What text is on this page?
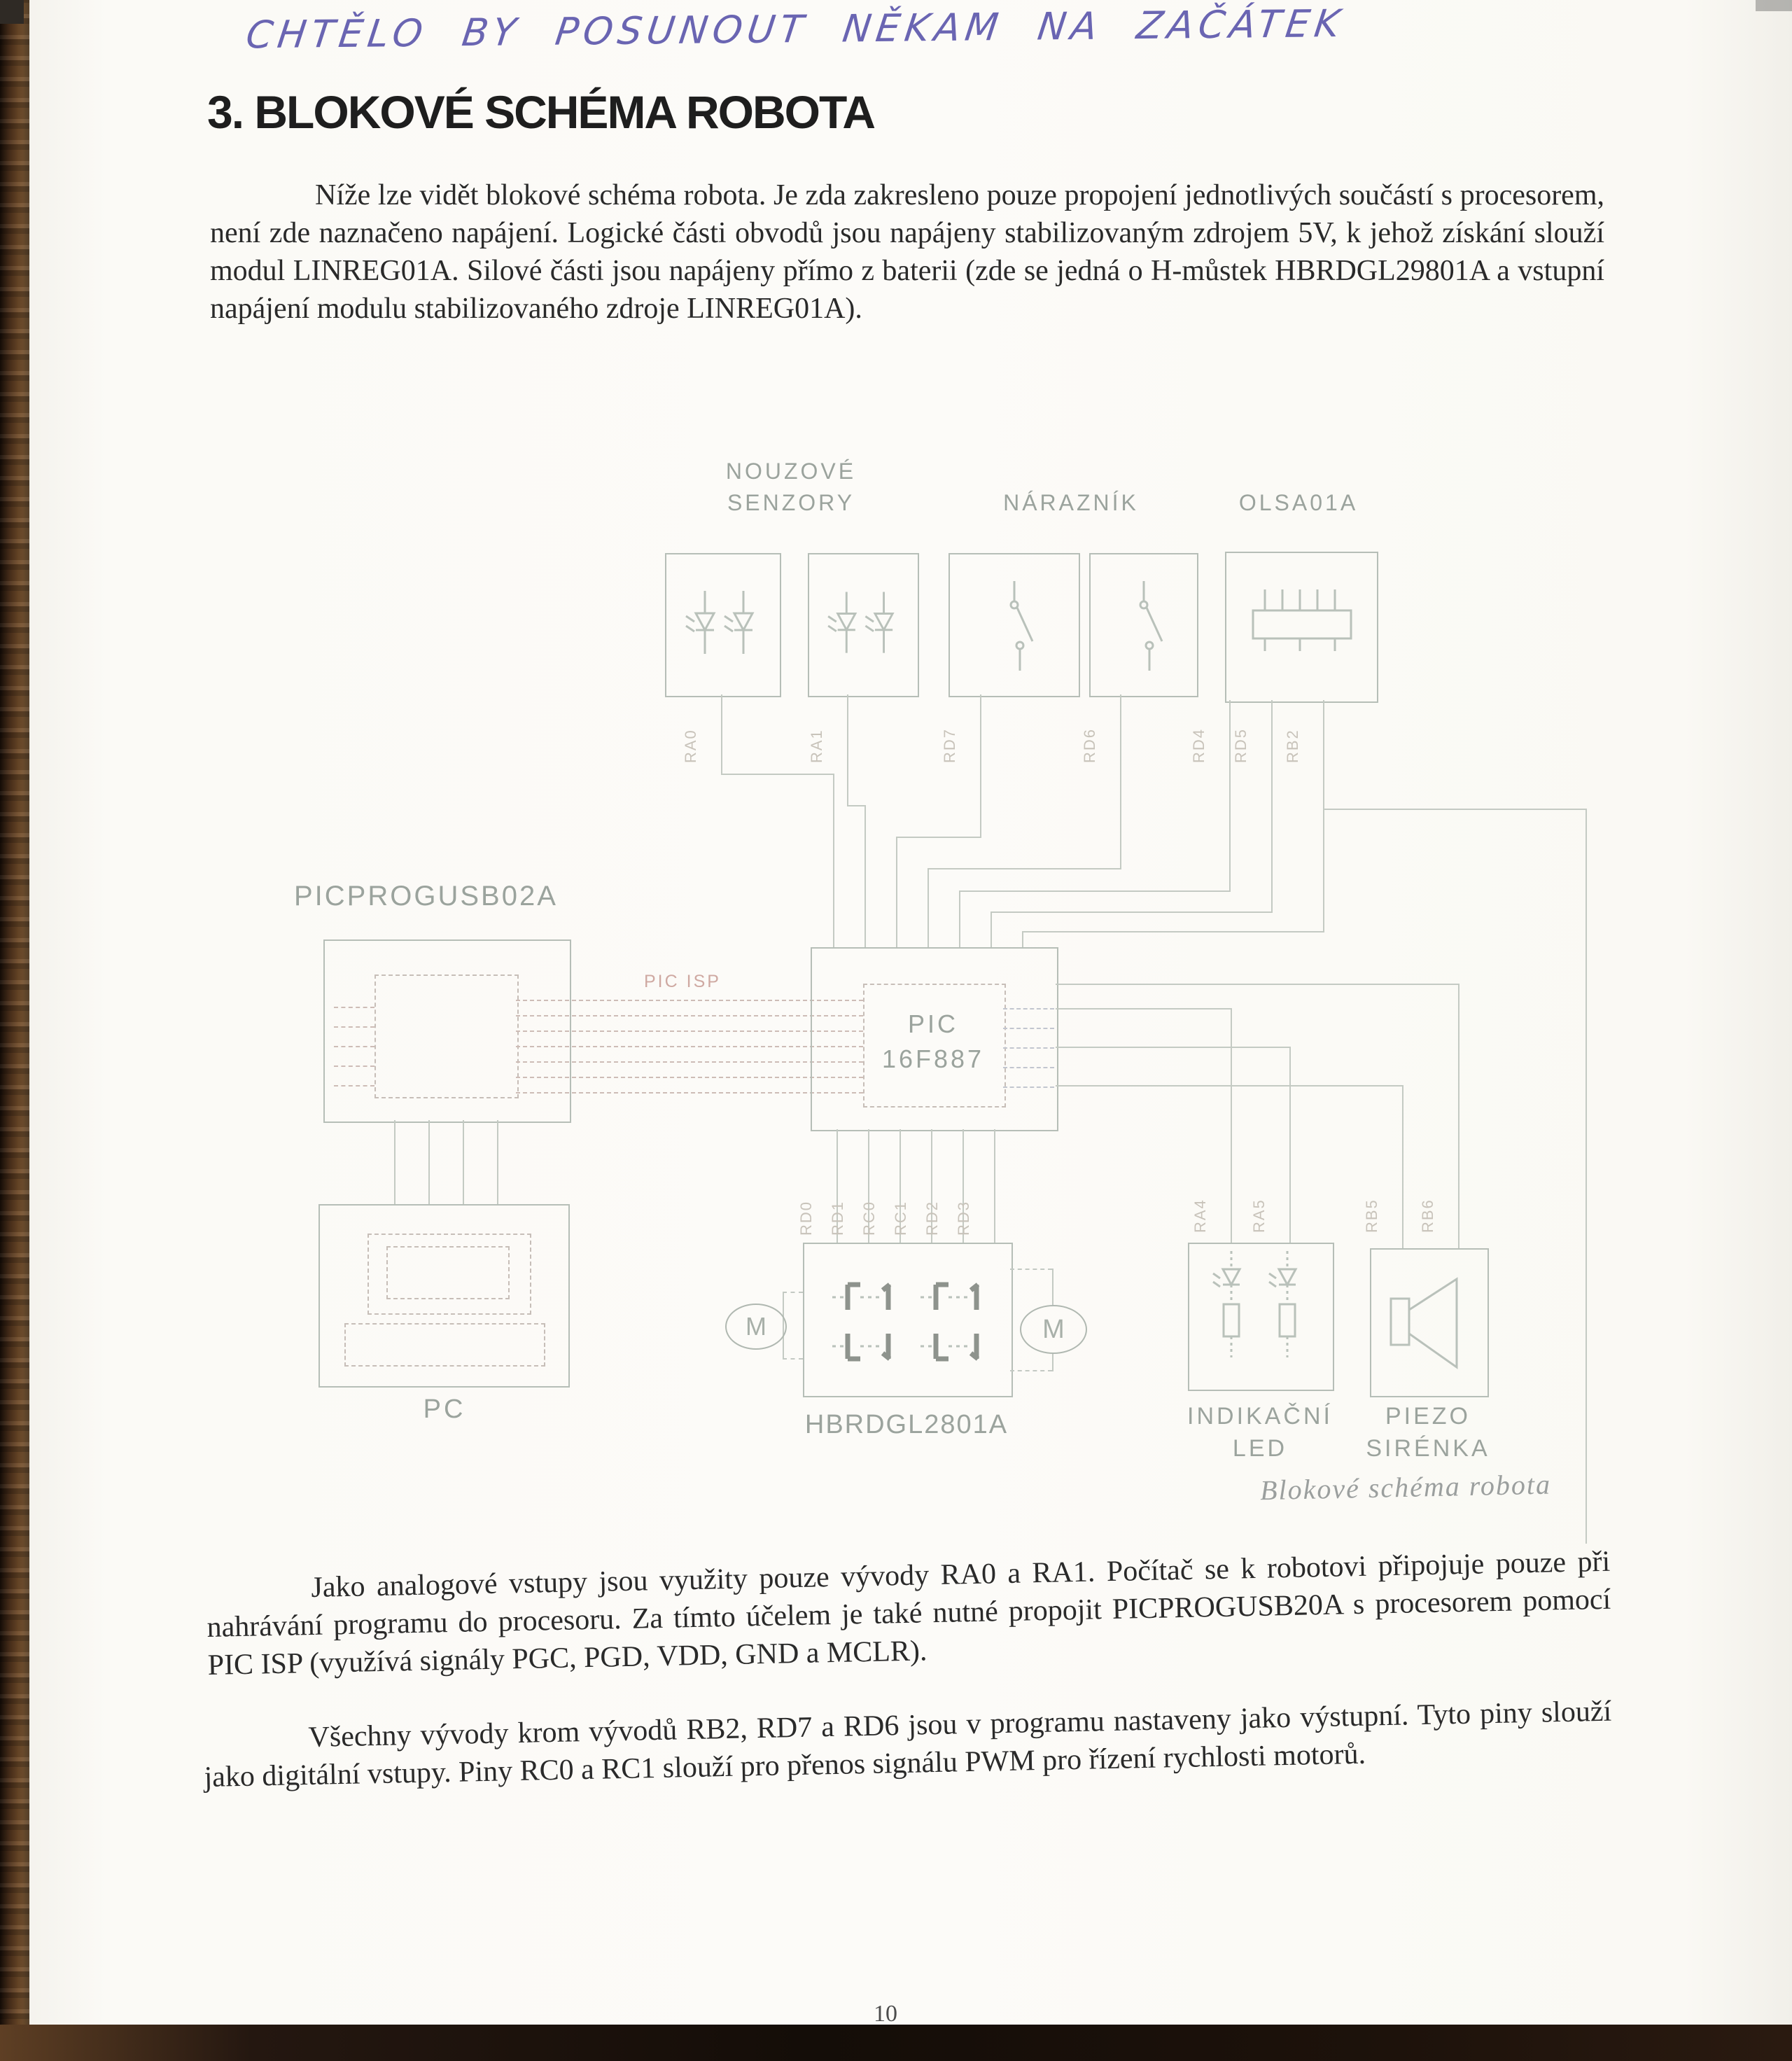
CHTĚLO BY POSUNOUT NĚKAM NA ZAČÁTEK
3. BLOKOVÉ SCHÉMA ROBOTA
Níže lze vidět blokové schéma robota. Je zda zakresleno pouze propojení jednotlivých součástí s procesorem, není zde naznačeno napájení. Logické části obvodů jsou napájeny stabilizovaným zdrojem 5V, k jehož získání slouží modul LINREG01A. Silové části jsou napájeny přímo z baterii (zde se jedná o H-můstek HBRDGL29801A a vstupní napájení modulu stabilizovaného zdroje LINREG01A).
NOUZOVÉ
SENZORY	NÁRAZNÍK	OLSA01A
RA0	RA1	RD7	RD6	RD4 RD5 RB2
PICPROGUSB02A
PIC ISP
PIC
16F887
RA4	RA5	RB5	RB6
PC
RD0 RD1 RC0 RC1 RD2 RD3
HBRDGL2801A
M	M
INDIKAČNÍ
LED
PIEZO
SIRÉNKA
Blokové schéma robota
Jako analogové vstupy jsou využity pouze vývody RA0 a RA1. Počítač se k robotovi připojuje pouze při nahrávání programu do procesoru. Za tímto účelem je také nutné propojit PICPROGUSB20A s procesorem pomocí PIC ISP (využívá signály PGC, PGD, VDD, GND a MCLR).
Všechny vývody krom vývodů RB2, RD7 a RD6 jsou v programu nastaveny jako výstupní. Tyto piny slouží jako digitální vstupy. Piny RC0 a RC1 slouží pro přenos signálu PWM pro řízení rychlosti motorů.
10
